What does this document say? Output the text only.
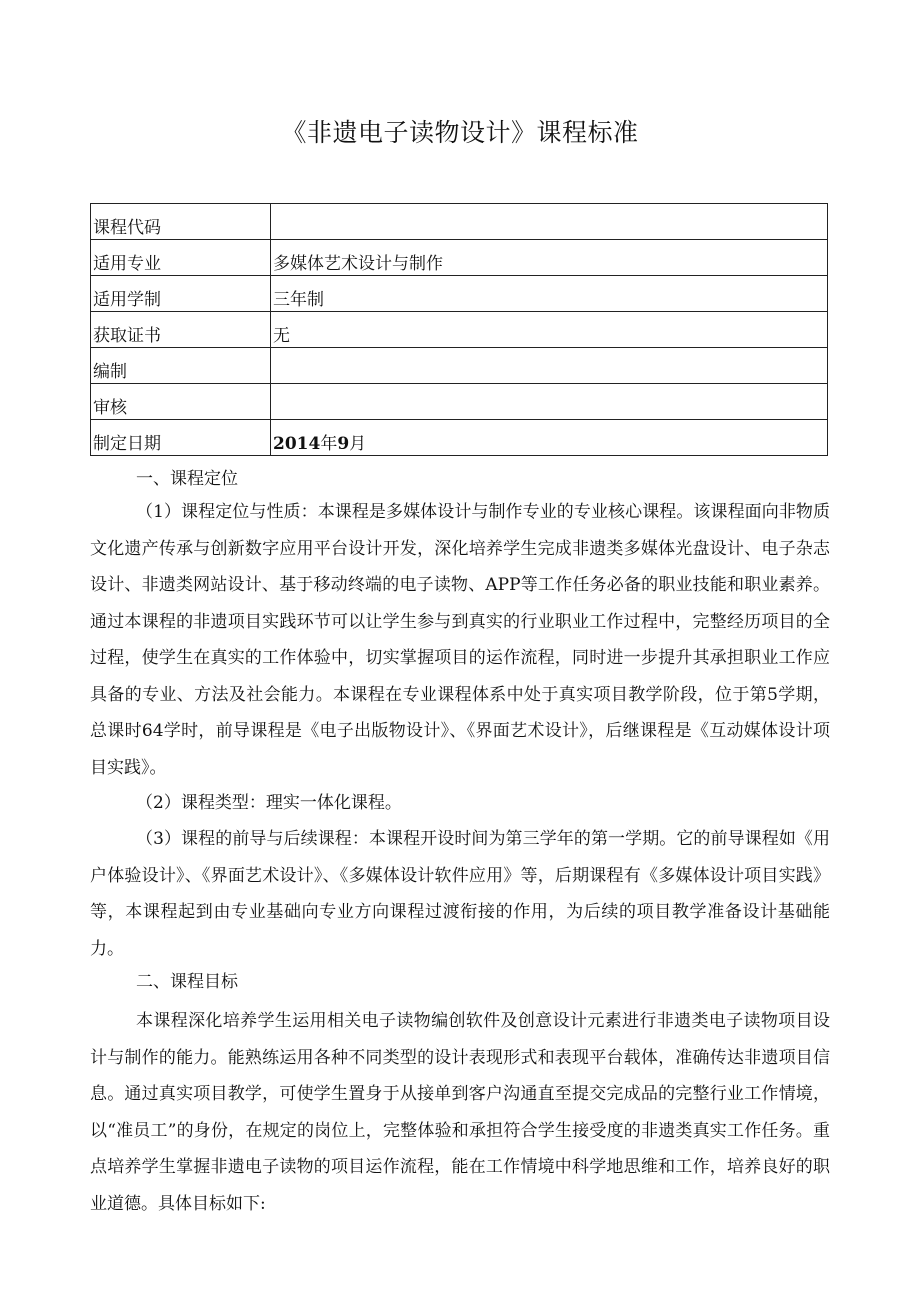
《非遗电子读物设计》课程标准
课程代码	
适用专业	多媒体艺术设计与制作
适用学制	三年制
获取证书	无
编制	
审核	
制定日期	2014年9月

一、课程定位

（1）课程定位与性质：本课程是多媒体设计与制作专业的专业核心课程。该课程面向非物质文化遗产传承与创新数字应用平台设计开发，深化培养学生完成非遗类多媒体光盘设计、电子杂志设计、非遗类网站设计、基于移动终端的电子读物、APP等工作任务必备的职业技能和职业素养。通过本课程的非遗项目实践环节可以让学生参与到真实的行业职业工作过程中，完整经历项目的全过程，使学生在真实的工作体验中，切实掌握项目的运作流程，同时进一步提升其承担职业工作应具备的专业、方法及社会能力。本课程在专业课程体系中处于真实项目教学阶段，位于第5学期，总课时64学时，前导课程是《电子出版物设计》、《界面艺术设计》，后继课程是《互动媒体设计项目实践》。

（2）课程类型：理实一体化课程。

（3）课程的前导与后续课程：本课程开设时间为第三学年的第一学期。它的前导课程如《用户体验设计》、《界面艺术设计》、《多媒体设计软件应用》等，后期课程有《多媒体设计项目实践》等，本课程起到由专业基础向专业方向课程过渡衔接的作用，为后续的项目教学准备设计基础能力。

二、课程目标

本课程深化培养学生运用相关电子读物编创软件及创意设计元素进行非遗类电子读物项目设计与制作的能力。能熟练运用各种不同类型的设计表现形式和表现平台载体，准确传达非遗项目信息。通过真实项目教学，可使学生置身于从接单到客户沟通直至提交完成品的完整行业工作情境，以“准员工”的身份，在规定的岗位上，完整体验和承担符合学生接受度的非遗类真实工作任务。重点培养学生掌握非遗电子读物的项目运作流程，能在工作情境中科学地思维和工作，培养良好的职业道德。具体目标如下:
